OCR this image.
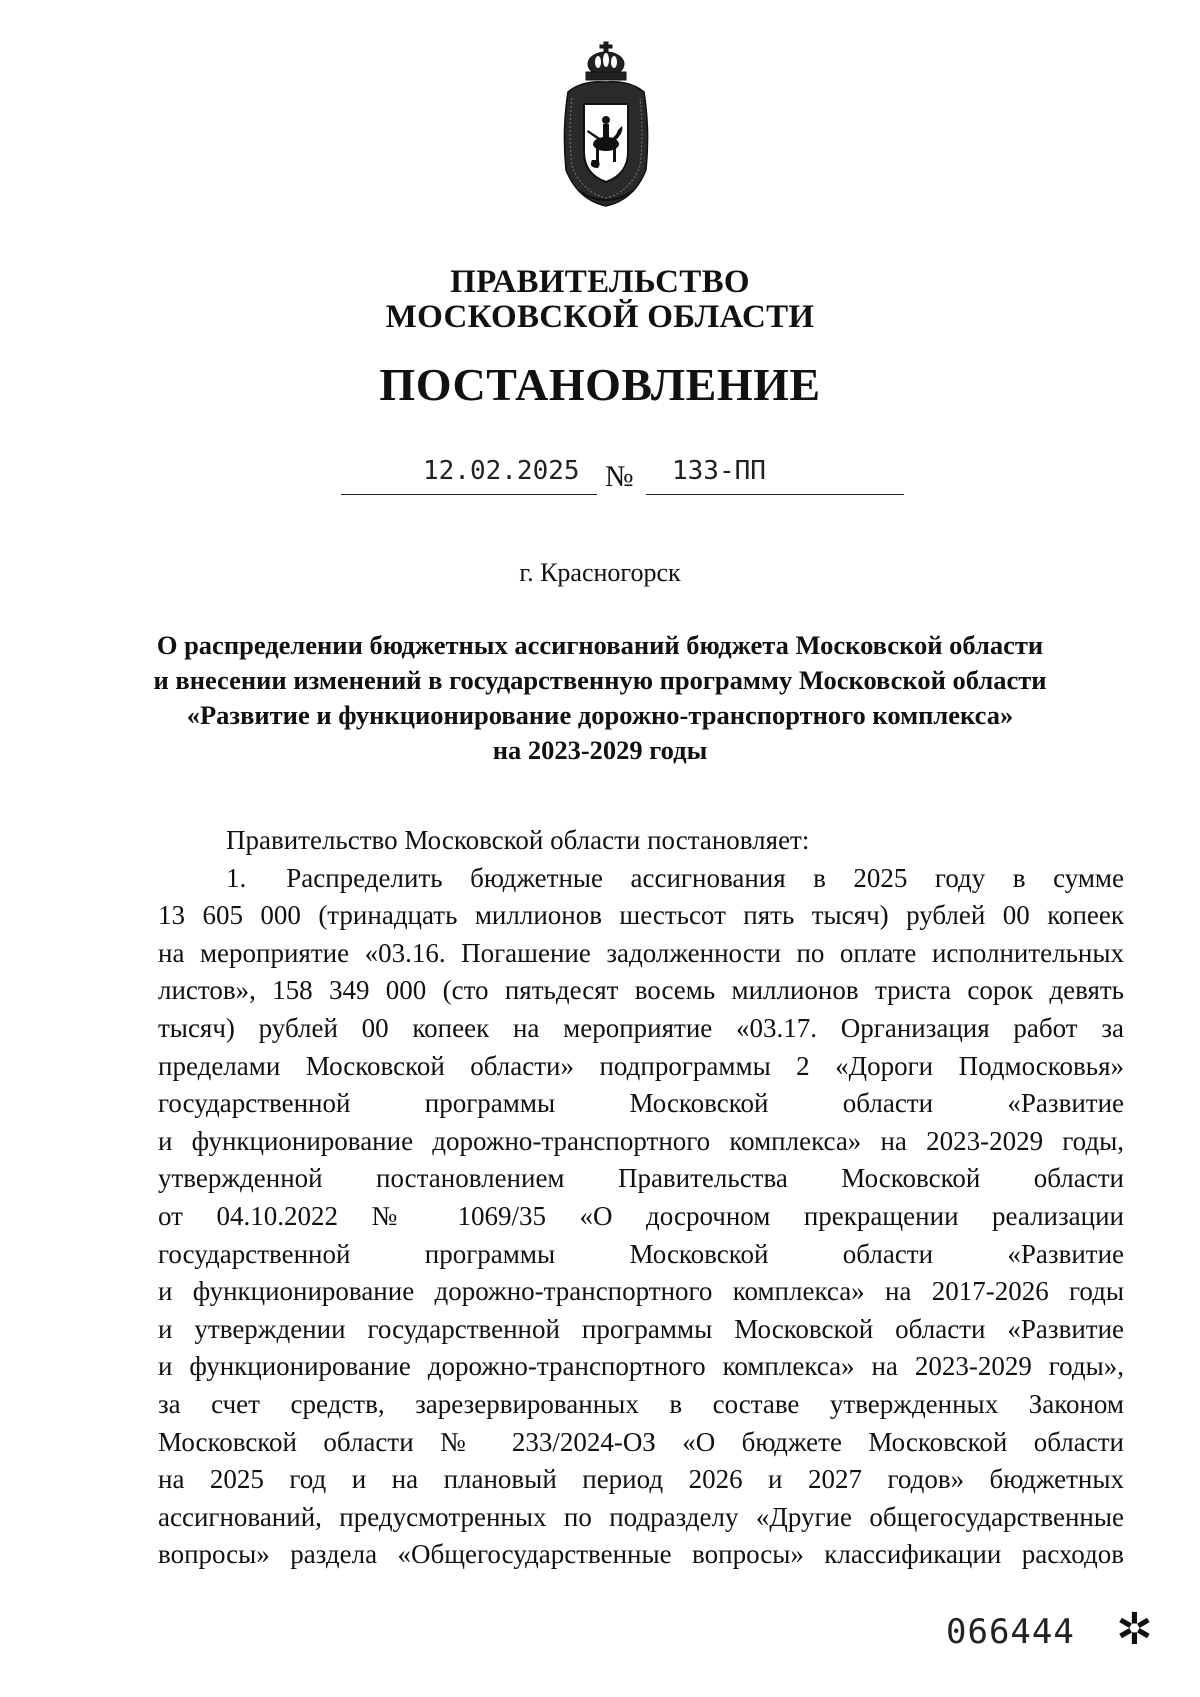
ПРАВИТЕЛЬСТВО
МОСКОВСКОЙ ОБЛАСТИ
ПОСТАНОВЛЕНИЕ
12.02.2025 № 133-ПП
г. Красногорск
О распределении бюджетных ассигнований бюджета Московской области
и внесении изменений в государственную программу Московской области
«Развитие и функционирование дорожно-транспортного комплекса»
на 2023-2029 годы
Правительство Московской области постановляет:
1. Распределить бюджетные ассигнования в 2025 году в сумме
13 605 000 (тринадцать миллионов шестьсот пять тысяч) рублей 00 копеек
на мероприятие «03.16. Погашение задолженности по оплате исполнительных
листов», 158 349 000 (сто пятьдесят восемь миллионов триста сорок девять
тысяч) рублей 00 копеек на мероприятие «03.17. Организация работ за
пределами Московской области» подпрограммы 2 «Дороги Подмосковья»
государственной программы Московской области «Развитие
и функционирование дорожно-транспортного комплекса» на 2023-2029 годы,
утвержденной постановлением Правительства Московской области
от 04.10.2022 № 1069/35 «О досрочном прекращении реализации
государственной программы Московской области «Развитие
и функционирование дорожно-транспортного комплекса» на 2017-2026 годы
и утверждении государственной программы Московской области «Развитие
и функционирование дорожно-транспортного комплекса» на 2023-2029 годы»,
за счет средств, зарезервированных в составе утвержденных Законом
Московской области № 233/2024-ОЗ «О бюджете Московской области
на 2025 год и на плановый период 2026 и 2027 годов» бюджетных
ассигнований, предусмотренных по подразделу «Другие общегосударственные
вопросы» раздела «Общегосударственные вопросы» классификации расходов
066444 ✲
